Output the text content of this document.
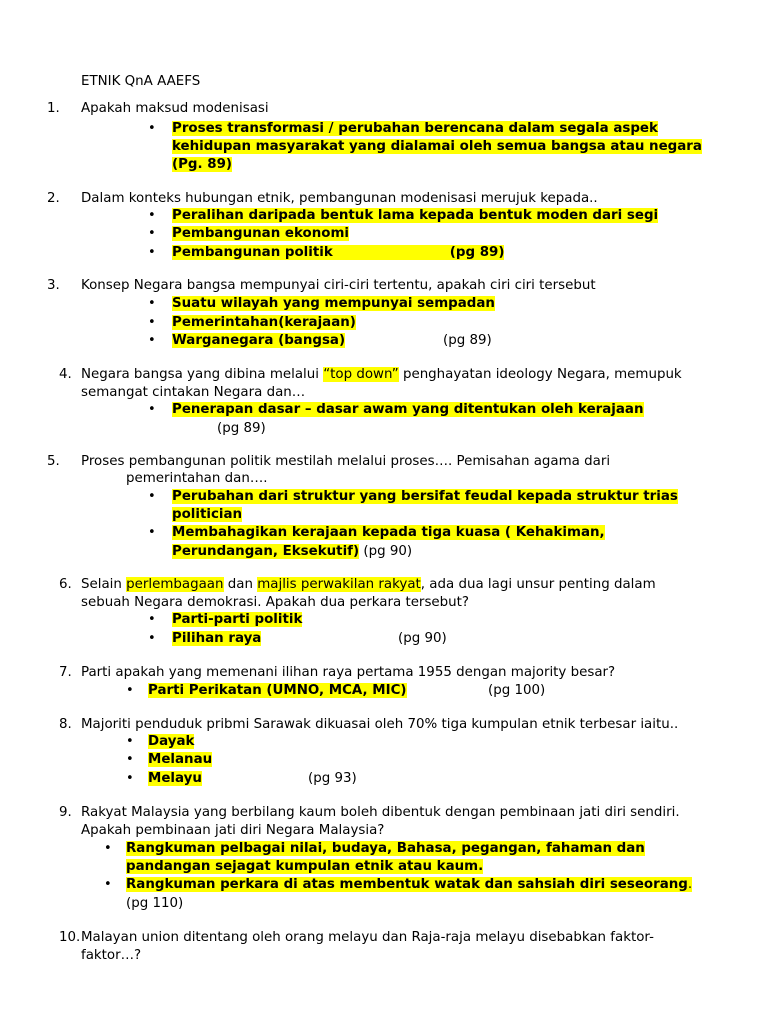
ETNIK QnA AAEFS
1. Apakah maksud modenisasi
• Proses transformasi / perubahan berencana dalam segala aspek
kehidupan masyarakat yang dialamai oleh semua bangsa atau negara
(Pg. 89)
2. Dalam konteks hubungan etnik, pembangunan modenisasi merujuk kepada..
• Peralihan daripada bentuk lama kepada bentuk moden dari segi
• Pembangunan ekonomi
• Pembangunan politik	(pg 89)
3. Konsep Negara bangsa mempunyai ciri-ciri tertentu, apakah ciri ciri tersebut
• Suatu wilayah yang mempunyai sempadan
• Pemerintahan(kerajaan)
• Warganegara (bangsa)	(pg 89)
4. Negara bangsa yang dibina melalui “top down” penghayatan ideology Negara, memupuk
semangat cintakan Negara dan…
• Penerapan dasar – dasar awam yang ditentukan oleh kerajaan
(pg 89)
5. Proses pembangunan politik mestilah melalui proses…. Pemisahan agama dari
pemerintahan dan….
• Perubahan dari struktur yang bersifat feudal kepada struktur trias
politician
• Membahagikan kerajaan kepada tiga kuasa ( Kehakiman,
Perundangan, Eksekutif) (pg 90)
6. Selain perlembagaan dan majlis perwakilan rakyat, ada dua lagi unsur penting dalam
sebuah Negara demokrasi. Apakah dua perkara tersebut?
• Parti-parti politik
• Pilihan raya	(pg 90)
7. Parti apakah yang memenani ilihan raya pertama 1955 dengan majority besar?
• Parti Perikatan (UMNO, MCA, MIC)	(pg 100)
8. Majoriti penduduk pribmi Sarawak dikuasai oleh 70% tiga kumpulan etnik terbesar iaitu..
• Dayak
• Melanau
• Melayu	(pg 93)
9. Rakyat Malaysia yang berbilang kaum boleh dibentuk dengan pembinaan jati diri sendiri.
Apakah pembinaan jati diri Negara Malaysia?
• Rangkuman pelbagai nilai, budaya, Bahasa, pegangan, fahaman dan
pandangan sejagat kumpulan etnik atau kaum.
• Rangkuman perkara di atas membentuk watak dan sahsiah diri seseorang.
(pg 110)
10. Malayan union ditentang oleh orang melayu dan Raja-raja melayu disebabkan faktor-
faktor…?
